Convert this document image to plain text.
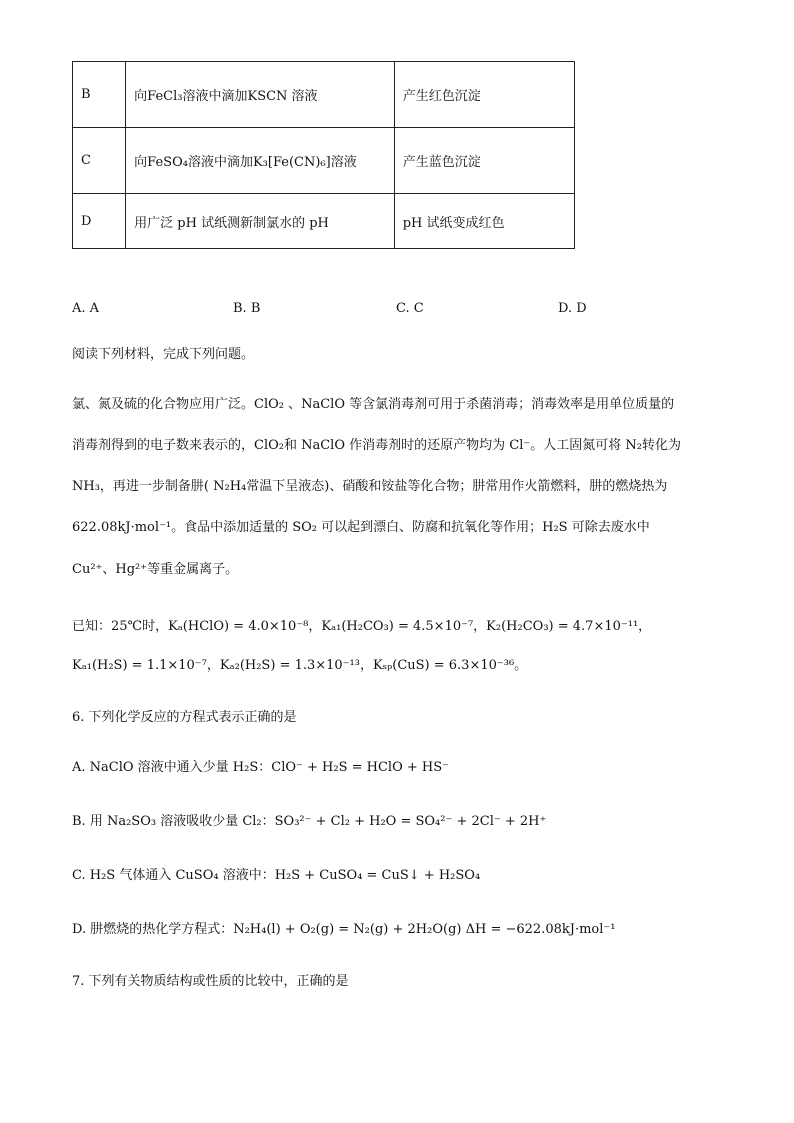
B	向FeCl₃溶液中滴加KSCN 溶液	产生红色沉淀
C	向FeSO₄溶液中滴加K₃[Fe(CN)₆]溶液	产生蓝色沉淀
D	用广泛 pH 试纸测新制氯水的 pH	pH 试纸变成红色
A. A	B. B	C. C	D. D
阅读下列材料，完成下列问题。
氯、氮及硫的化合物应用广泛。ClO₂ 、NaClO 等含氯消毒剂可用于杀菌消毒；消毒效率是用单位质量的
消毒剂得到的电子数来表示的，ClO₂和 NaClO 作消毒剂时的还原产物均为 Cl⁻。人工固氮可将 N₂转化为
NH₃，再进一步制备肼( N₂H₄常温下呈液态)、硝酸和铵盐等化合物；肼常用作火箭燃料，肼的燃烧热为
622.08kJ·mol⁻¹。食品中添加适量的 SO₂ 可以起到漂白、防腐和抗氧化等作用；H₂S 可除去废水中
Cu²⁺、Hg²⁺等重金属离子。
已知：25℃时，Kₐ(HClO) = 4.0×10⁻⁸，Kₐ₁(H₂CO₃) = 4.5×10⁻⁷，K₂(H₂CO₃) = 4.7×10⁻¹¹，
Kₐ₁(H₂S) = 1.1×10⁻⁷，Kₐ₂(H₂S) = 1.3×10⁻¹³，Kₛₚ(CuS) = 6.3×10⁻³⁶。
6. 下列化学反应的方程式表示正确的是
A. NaClO 溶液中通入少量 H₂S：ClO⁻ + H₂S = HClO + HS⁻
B. 用 Na₂SO₃ 溶液吸收少量 Cl₂：SO₃²⁻ + Cl₂ + H₂O = SO₄²⁻ + 2Cl⁻ + 2H⁺
C. H₂S 气体通入 CuSO₄ 溶液中：H₂S + CuSO₄ = CuS↓ + H₂SO₄
D. 肼燃烧的热化学方程式：N₂H₄(l) + O₂(g) = N₂(g) + 2H₂O(g) ΔH = −622.08kJ·mol⁻¹
7. 下列有关物质结构或性质的比较中，正确的是
